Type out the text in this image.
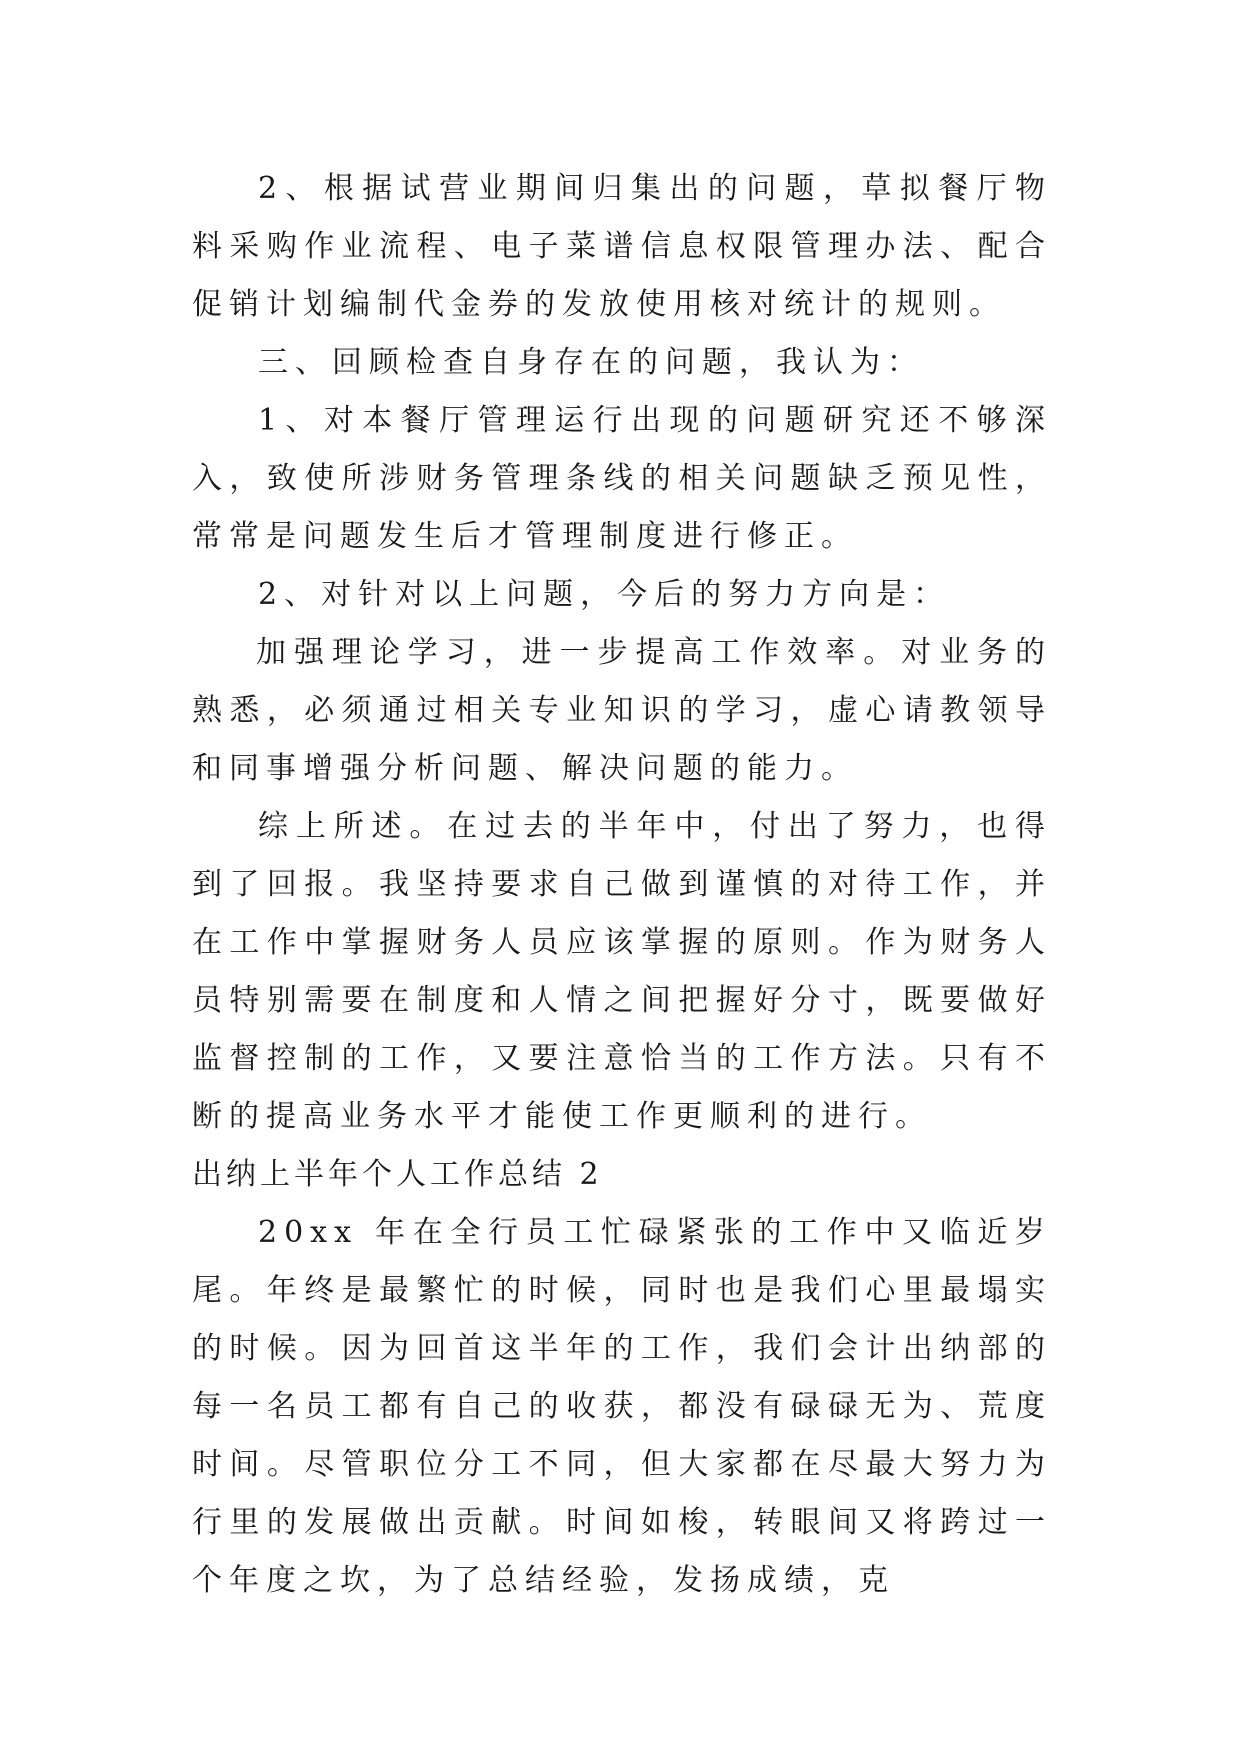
2、根据试营业期间归集出的问题，草拟餐厅物料采购作业流程、电子菜谱信息权限管理办法、配合促销计划编制代金券的发放使用核对统计的规则。

三、回顾检查自身存在的问题，我认为：

1、对本餐厅管理运行出现的问题研究还不够深入，致使所涉财务管理条线的相关问题缺乏预见性，常常是问题发生后才管理制度进行修正。

2、对针对以上问题，今后的努力方向是：

加强理论学习，进一步提高工作效率。对业务的熟悉，必须通过相关专业知识的学习，虚心请教领导和同事增强分析问题、解决问题的能力。

综上所述。在过去的半年中，付出了努力，也得到了回报。我坚持要求自己做到谨慎的对待工作，并在工作中掌握财务人员应该掌握的原则。作为财务人员特别需要在制度和人情之间把握好分寸，既要做好监督控制的工作，又要注意恰当的工作方法。只有不断的提高业务水平才能使工作更顺利的进行。

出纳上半年个人工作总结 2

20xx 年在全行员工忙碌紧张的工作中又临近岁尾。年终是最繁忙的时候，同时也是我们心里最塌实的时候。因为回首这半年的工作，我们会计出纳部的每一名员工都有自己的收获，都没有碌碌无为、荒度时间。尽管职位分工不同，但大家都在尽最大努力为行里的发展做出贡献。时间如梭，转眼间又将跨过一个年度之坎，为了总结经验，发扬成绩，克
